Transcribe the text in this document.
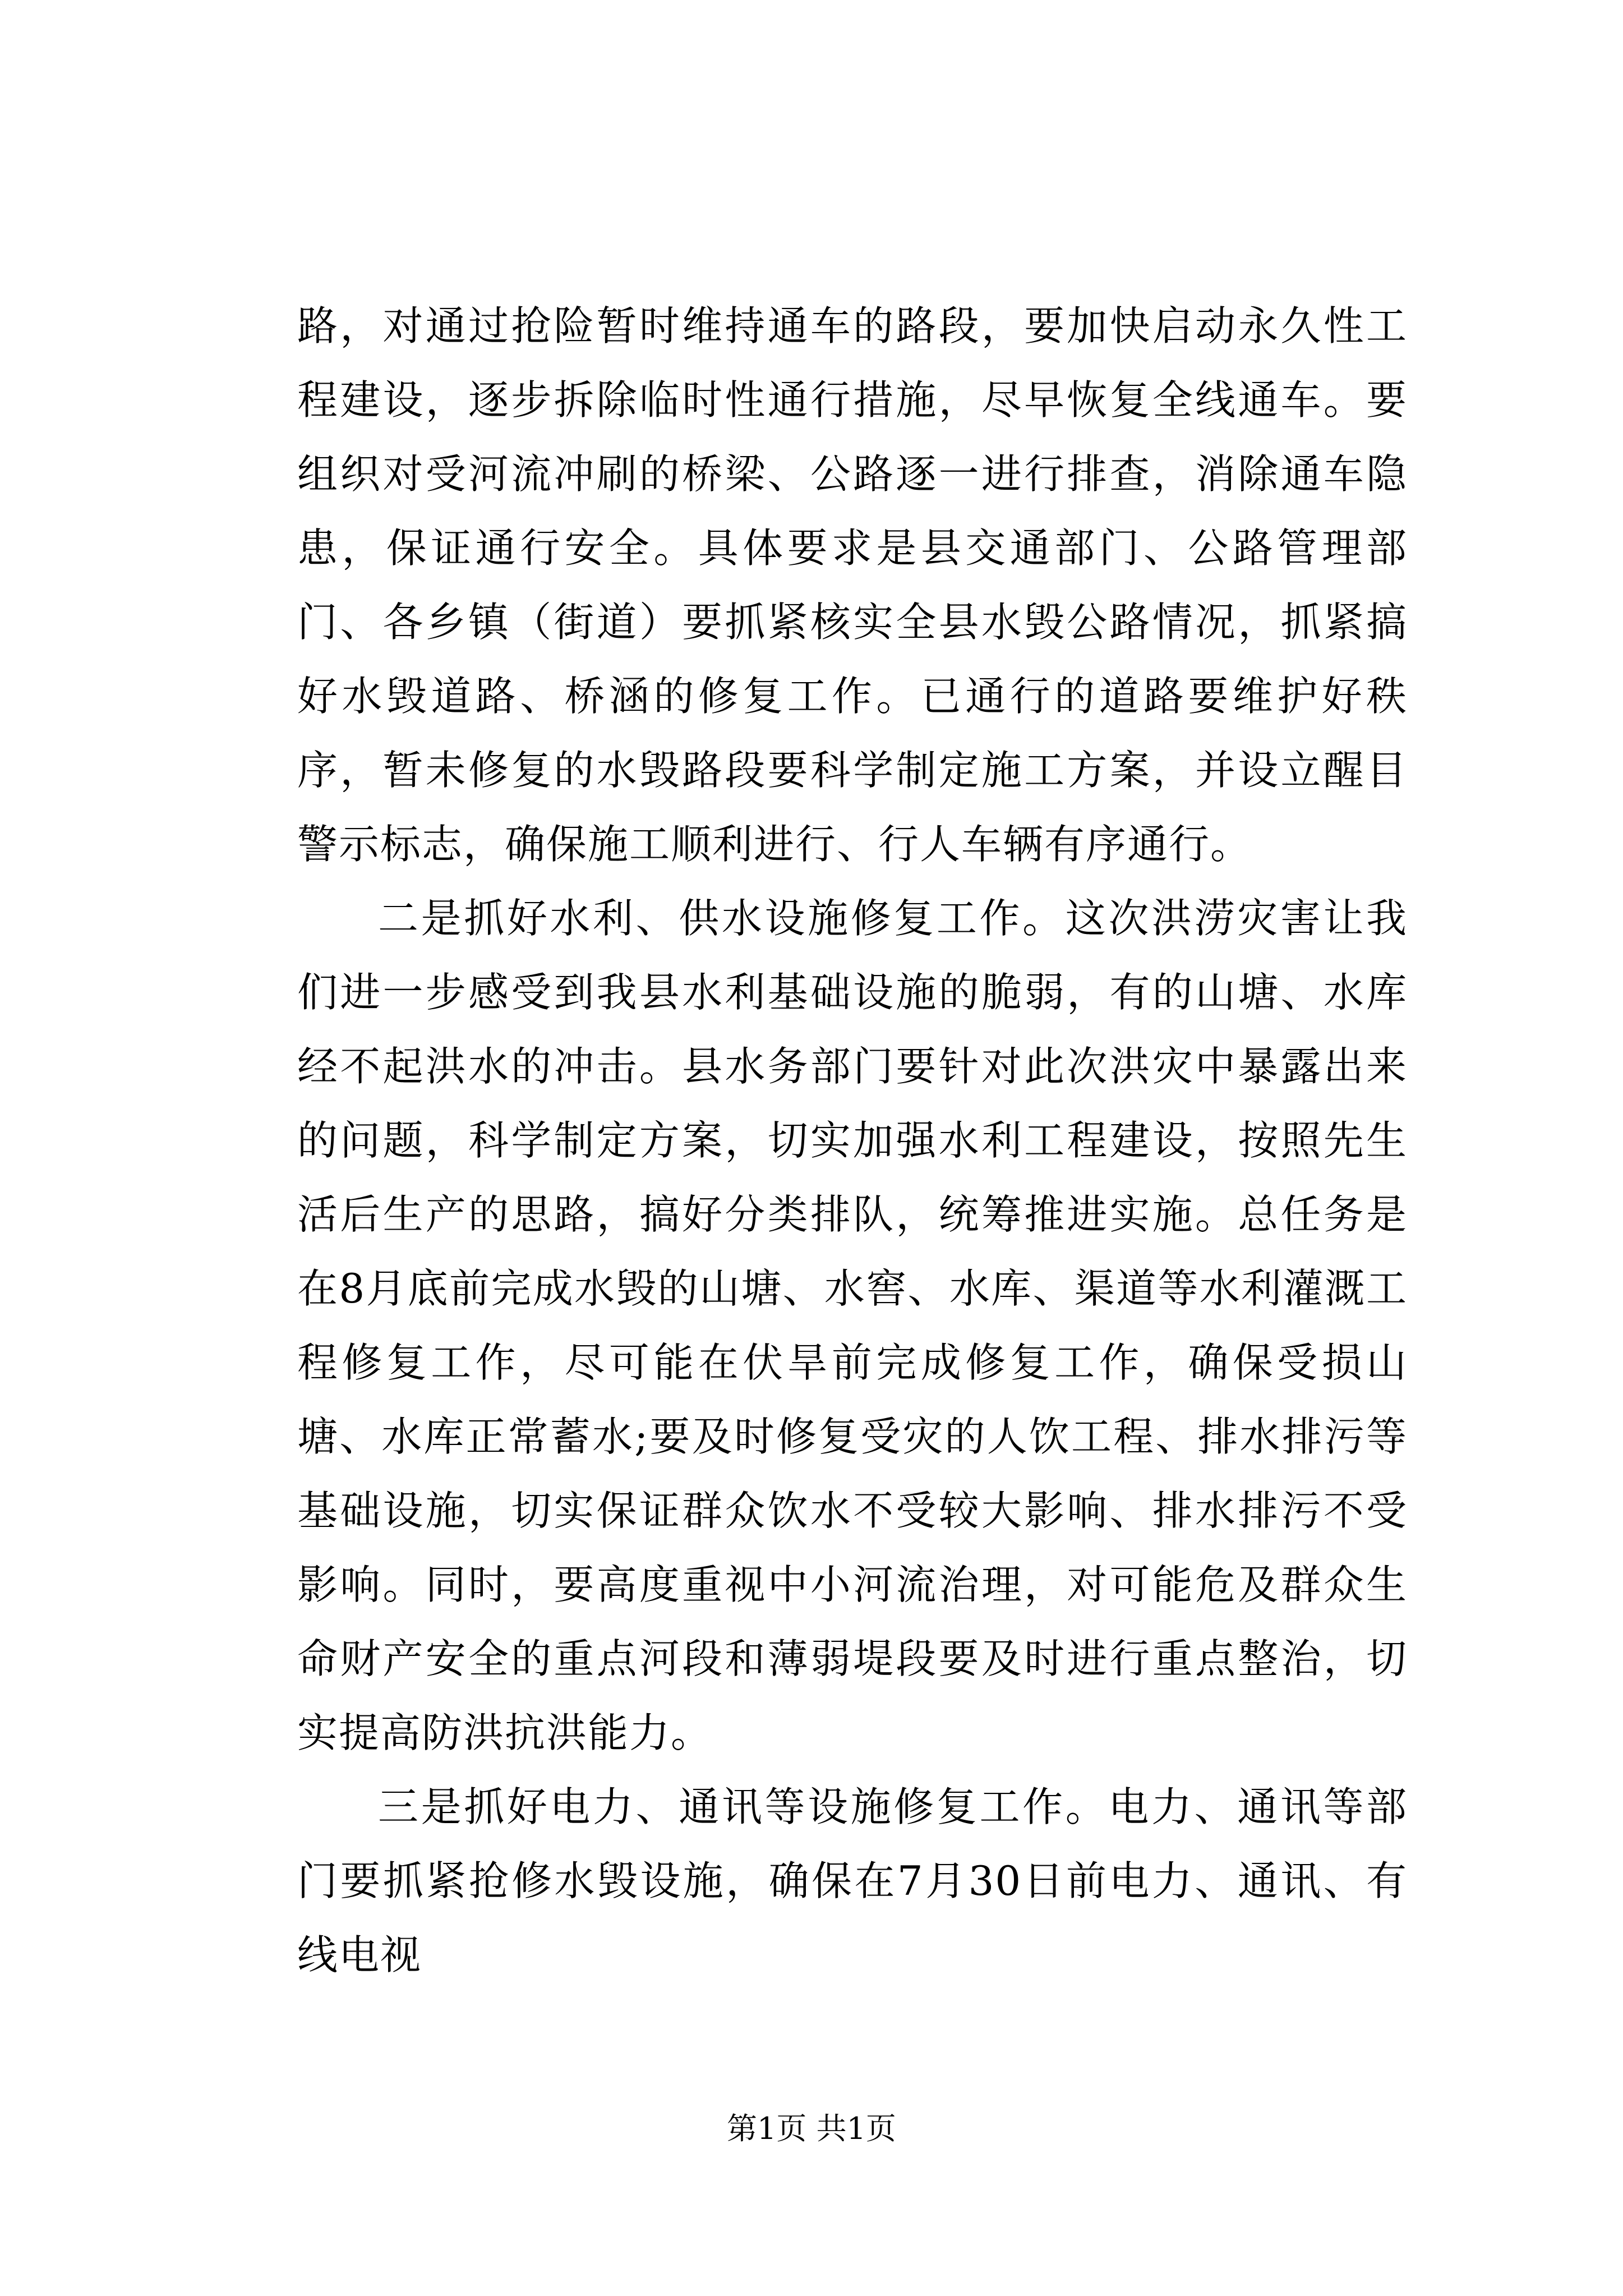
路，对通过抢险暂时维持通车的路段，要加快启动永久性工程建设，逐步拆除临时性通行措施，尽早恢复全线通车。要组织对受河流冲刷的桥梁、公路逐一进行排查，消除通车隐患，保证通行安全。具体要求是县交通部门、公路管理部门、各乡镇（街道）要抓紧核实全县水毁公路情况，抓紧搞好水毁道路、桥涵的修复工作。已通行的道路要维护好秩序，暂未修复的水毁路段要科学制定施工方案，并设立醒目警示标志，确保施工顺利进行、行人车辆有序通行。

二是抓好水利、供水设施修复工作。这次洪涝灾害让我们进一步感受到我县水利基础设施的脆弱，有的山塘、水库经不起洪水的冲击。县水务部门要针对此次洪灾中暴露出来的问题，科学制定方案，切实加强水利工程建设，按照先生活后生产的思路，搞好分类排队，统筹推进实施。总任务是在8月底前完成水毁的山塘、水窖、水库、渠道等水利灌溉工程修复工作，尽可能在伏旱前完成修复工作，确保受损山塘、水库正常蓄水;要及时修复受灾的人饮工程、排水排污等基础设施，切实保证群众饮水不受较大影响、排水排污不受影响。同时，要高度重视中小河流治理，对可能危及群众生命财产安全的重点河段和薄弱堤段要及时进行重点整治，切实提高防洪抗洪能力。

三是抓好电力、通讯等设施修复工作。电力、通讯等部门要抓紧抢修水毁设施，确保在7月30日前电力、通讯、有线电视

第1页 共1页
